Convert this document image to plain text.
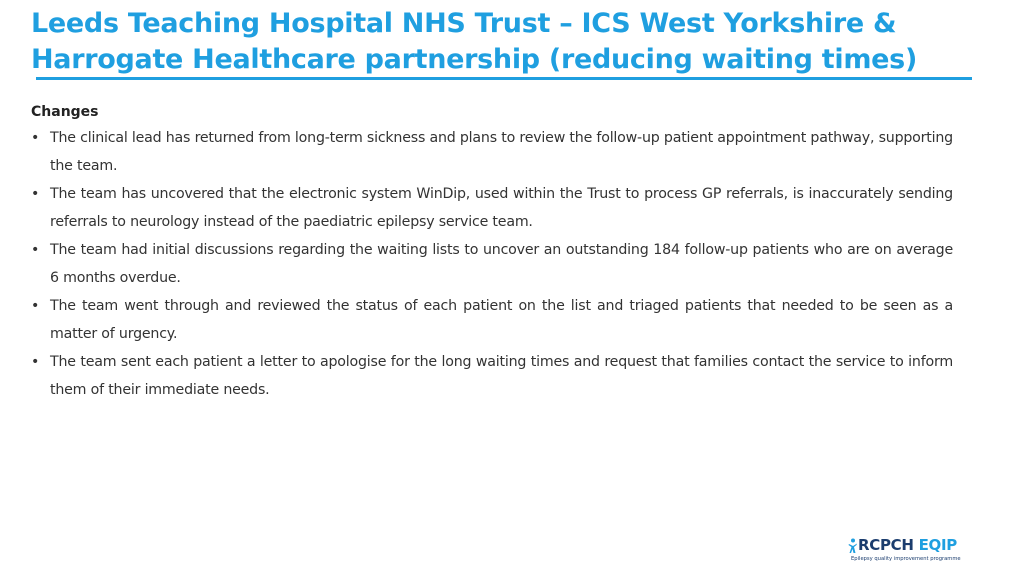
Leeds Teaching Hospital NHS Trust – ICS West Yorkshire & Harrogate Healthcare partnership (reducing waiting times)
Changes
• The clinical lead has returned from long-term sickness and plans to review the follow-up patient appointment pathway, supporting the team.
• The team has uncovered that the electronic system WinDip, used within the Trust to process GP referrals, is inaccurately sending referrals to neurology instead of the paediatric epilepsy service team.
• The team had initial discussions regarding the waiting lists to uncover an outstanding 184 follow-up patients who are on average 6 months overdue.
• The team went through and reviewed the status of each patient on the list and triaged patients that needed to be seen as a matter of urgency.
• The team sent each patient a letter to apologise for the long waiting times and request that families contact the service to inform them of their immediate needs.
RCPCH EQIP
Epilepsy quality improvement programme
